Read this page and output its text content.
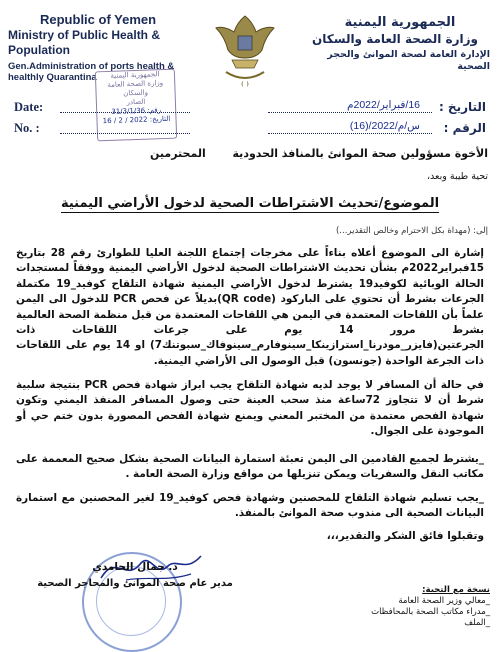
Republic of Yemen
Ministry of Public Health & Population
Gen.Administration of ports health & healthly Quarantina
﴾ ﴿
الجمهورية اليمنية
وزارة الصحة العامة والسكان
الإدارة العامة لصحة الموانئ والحجر الصحية
الجمهورية اليمنية
وزارة الصحة العامة والسكان
الصادر
رقم: 31/3/1/36
التاريخ: 2022 / 2 / 16
Date:
No. :
التاريخ :
16/فبراير/2022م
الرقم :
س/م/2022/(16)
الأخوة مسؤولين صحة الموانئ بالمنافذ الحدودية
المحترمين
تحية طيبة وبعد،
الموضوع/تحديث الاشتراطات الصحية لدخول الأراضي اليمنية
إلى: (مهداة بكل الاحترام وخالص التقدير...)
إشارة الى الموضوع أعلاه بناءاً على مخرجات إجتماع اللجنة العليا للطوارئ رقم 28 بتاريخ 15فبراير2022م بشأن تحديث الاشتراطات الصحية لدخول الأراضي اليمنية ووفقاً لمستجدات الحالة الوبائية لكوفيد19 يشترط لدخول الأراضي اليمنية شهادة التلقاح كوفيد_19 مكتملة الجرعات بشرط أن تحتوي على الباركود (QR code)بديلاً عن فحص PCR للدخول الى اليمن علماً بأن اللقاحات المعتمدة في اليمن هي اللقاحات المعتمدة من قبل منظمة الصحة العالمية بشرط مرور 14 يوم على جرعات اللقاحات ذات الجرعتين(فايزر_مودرنا_استرازينكا_سينوفارم_سينوفاك_سبوتنك7) او 14 يوم على اللقاحات ذات الجرعة الواحدة (جونسون) قبل الوصول الى الأراضي اليمنية.
في حالة أن المسافر لا يوجد لديه شهادة التلقاح يجب ابراز شهادة فحص PCR بنتيجة سلبية شرط أن لا تتجاوز 72ساعة منذ سحب العينة حتى وصول المسافر المنفذ اليمني وتكون شهادة الفحص معتمدة من المختبر المعني ويمنع شهادة الفحص المصورة بدون ختم حي أو الموجودة على الجوال.
_يشترط لجميع القادمين الى اليمن تعبئة استمارة البيانات الصحية بشكل صحيح المعممة على مكاتب النقل والسفريات ويمكن تنزيلها من مواقع وزارة الصحة العامة .
_يجب تسليم شهادة التلقاح للمحصنين وشهادة فحص كوفيد_19 لغير المحصنين مع استمارة البيانات الصحية الى مندوب صحة الموانئ بالمنفذ.
وتقبلوا فائق الشكر والتقدير،،،
د. جمال الحامدي
مدير عام صحة الموانئ والمحاجر الصحية
نسخة مع التحية:
_معالي وزير الصحة العامة
_مدراء مكاتب الصحة بالمحافظات
_الملف
